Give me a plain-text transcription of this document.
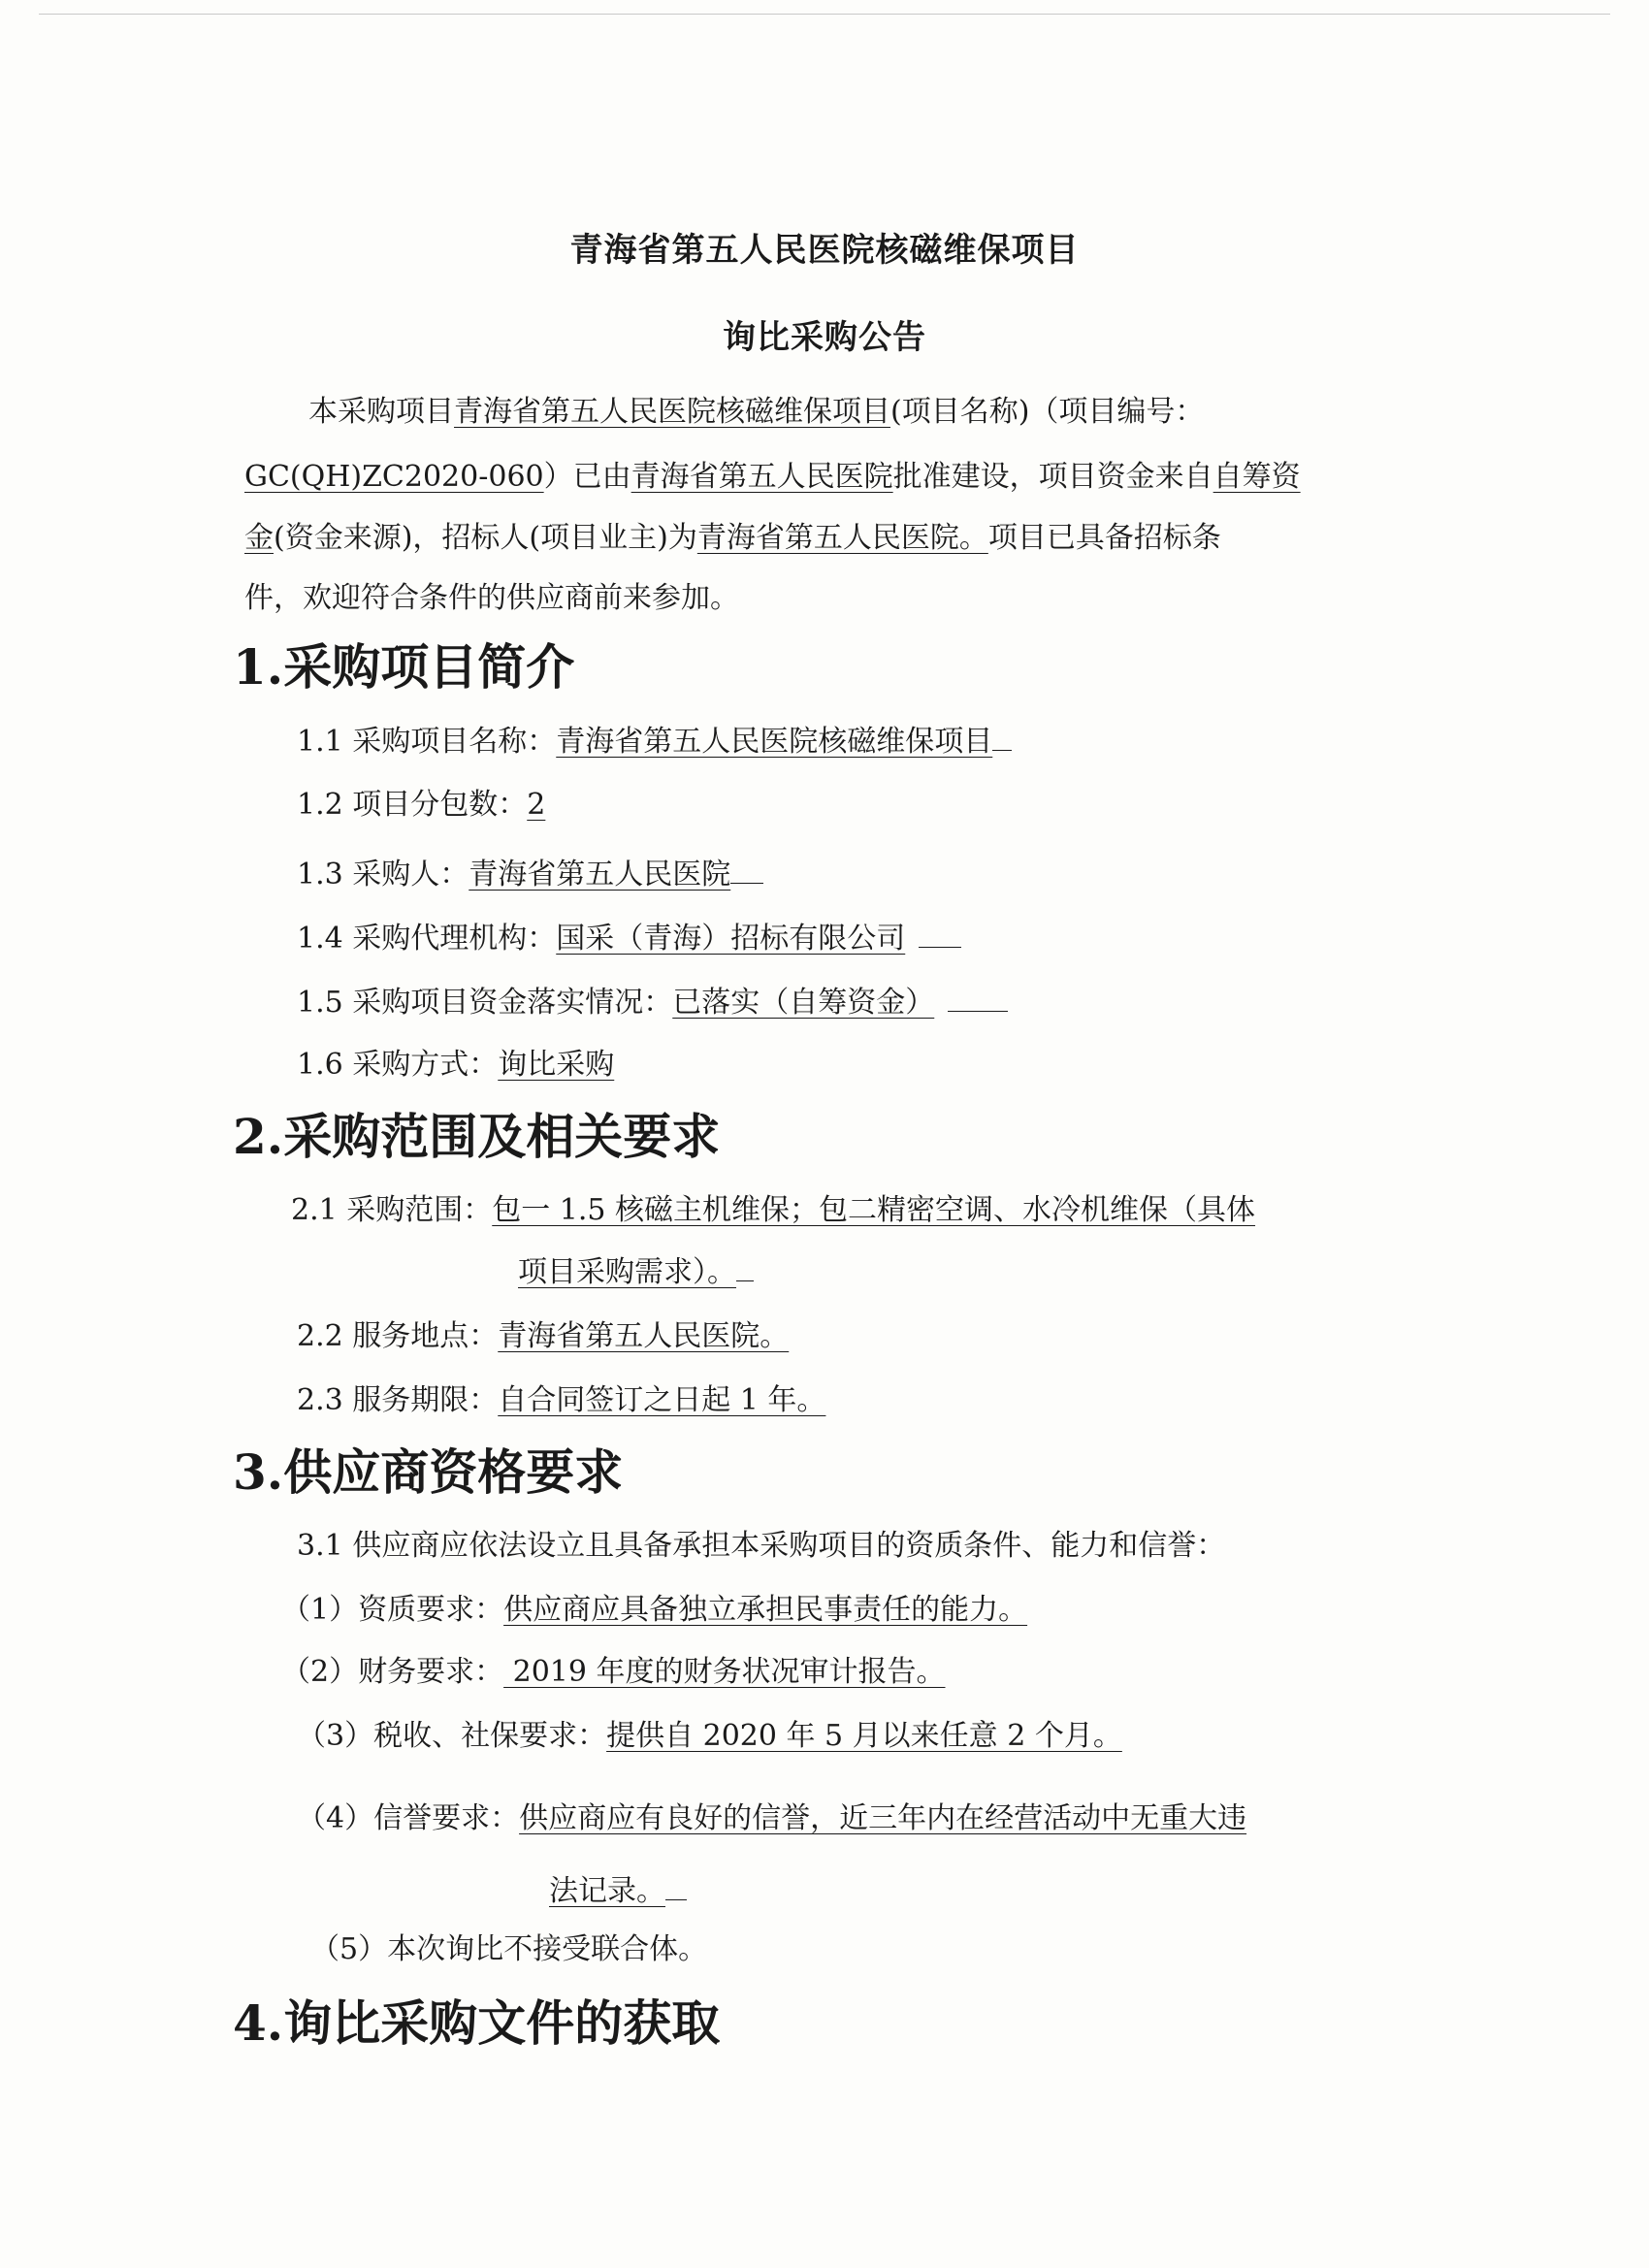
青海省第五人民医院核磁维保项目
询比采购公告
本采购项目青海省第五人民医院核磁维保项目(项目名称)（项目编号：
GC(QH)ZC2020-060）已由青海省第五人民医院批准建设，项目资金来自自筹资
金(资金来源)，招标人(项目业主)为青海省第五人民医院。项目已具备招标条
件，欢迎符合条件的供应商前来参加。
1.采购项目简介
1.1 采购项目名称：青海省第五人民医院核磁维保项目
1.2 项目分包数：2
1.3 采购人：青海省第五人民医院
1.4 采购代理机构：国采（青海）招标有限公司
1.5 采购项目资金落实情况：已落实（自筹资金）
1.6 采购方式：询比采购
2.采购范围及相关要求
2.1 采购范围：包一 1.5 核磁主机维保；包二精密空调、水冷机维保（具体
项目采购需求）。
2.2 服务地点：青海省第五人民医院。
2.3 服务期限：自合同签订之日起 1 年。
3.供应商资格要求
3.1 供应商应依法设立且具备承担本采购项目的资质条件、能力和信誉：
（1）资质要求：供应商应具备独立承担民事责任的能力。
（2）财务要求： 2019 年度的财务状况审计报告。
（3）税收、社保要求：提供自 2020 年 5 月以来任意 2 个月。
（4）信誉要求：供应商应有良好的信誉，近三年内在经营活动中无重大违
法记录。
（5）本次询比不接受联合体。
4.询比采购文件的获取
